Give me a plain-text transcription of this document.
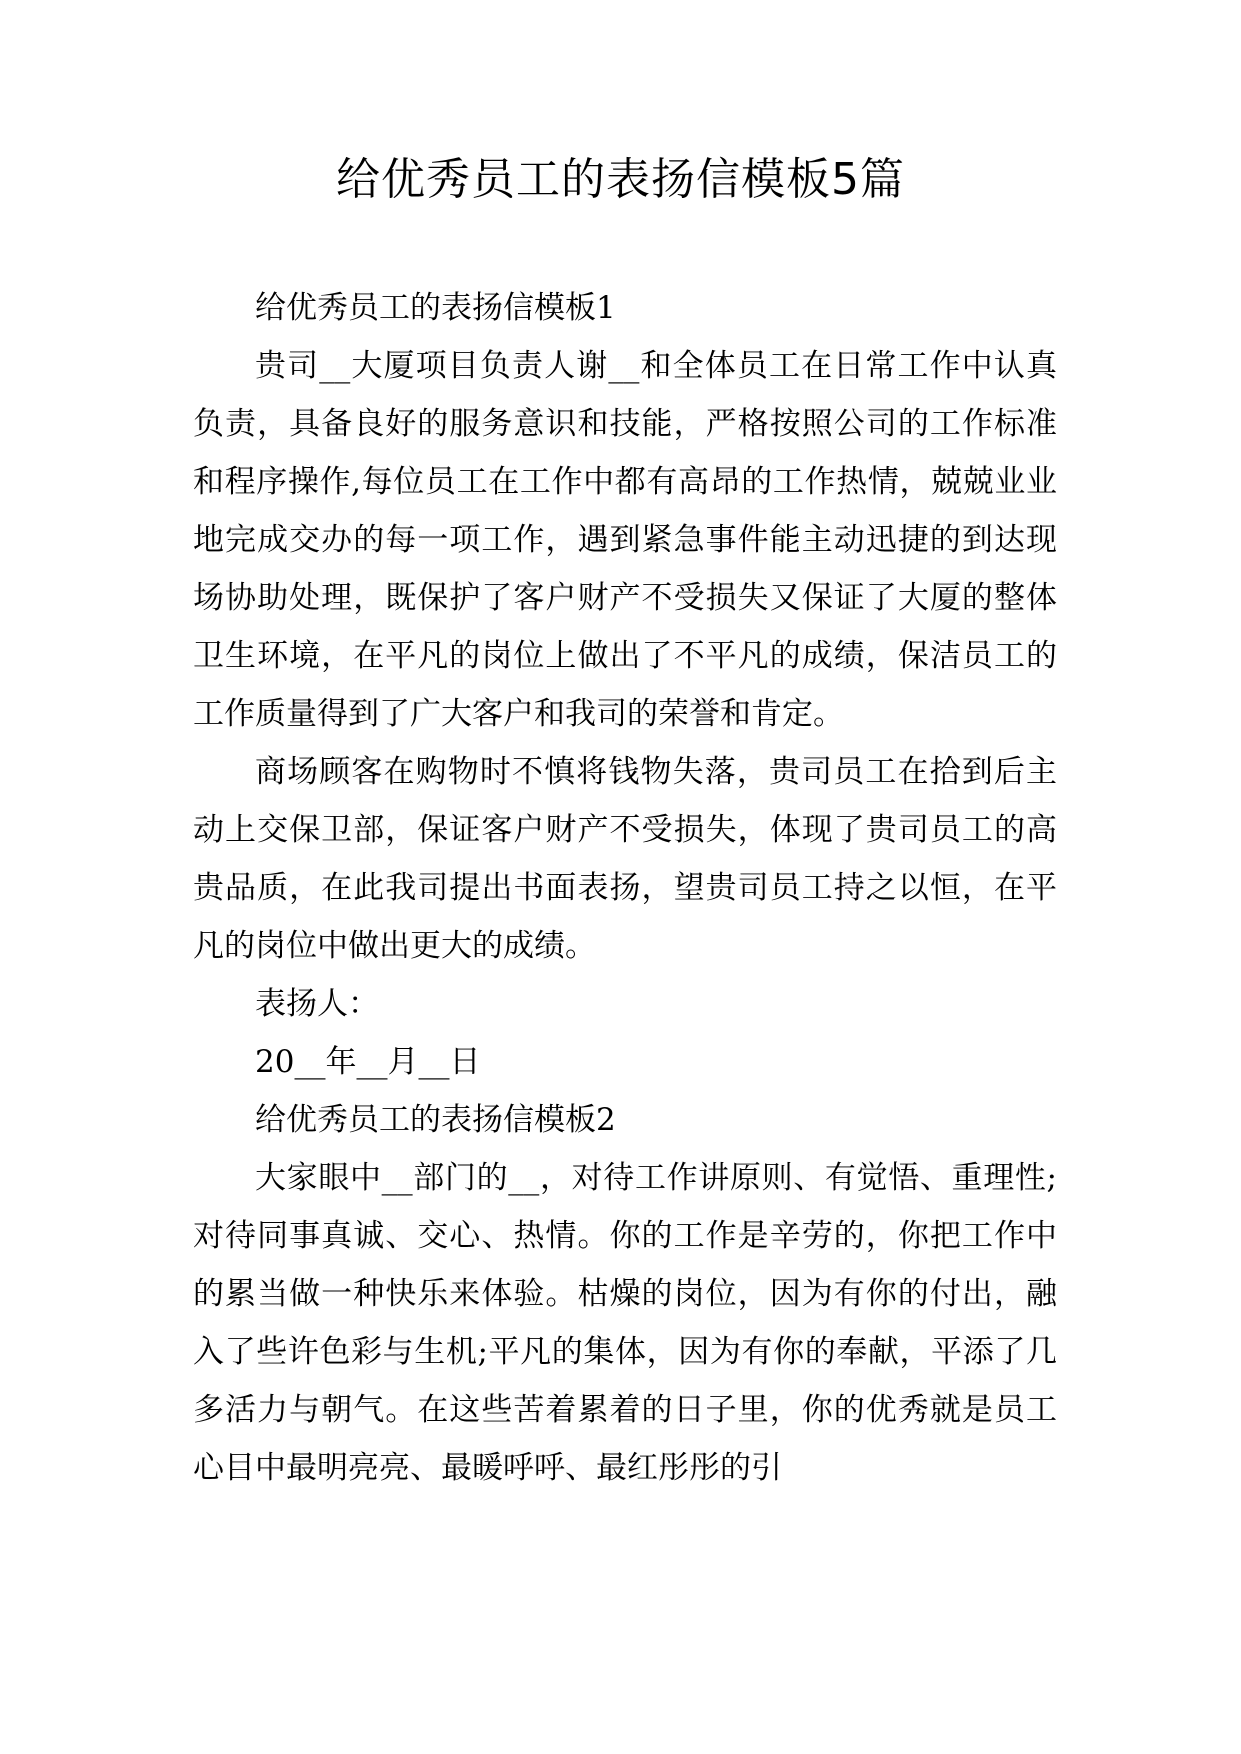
给优秀员工的表扬信模板5篇

给优秀员工的表扬信模板1

贵司__大厦项目负责人谢__和全体员工在日常工作中认真负责，具备良好的服务意识和技能，严格按照公司的工作标准和程序操作,每位员工在工作中都有高昂的工作热情，兢兢业业地完成交办的每一项工作，遇到紧急事件能主动迅捷的到达现场协助处理，既保护了客户财产不受损失又保证了大厦的整体卫生环境，在平凡的岗位上做出了不平凡的成绩，保洁员工的工作质量得到了广大客户和我司的荣誉和肯定。

商场顾客在购物时不慎将钱物失落，贵司员工在拾到后主动上交保卫部，保证客户财产不受损失，体现了贵司员工的高贵品质，在此我司提出书面表扬，望贵司员工持之以恒，在平凡的岗位中做出更大的成绩。

表扬人：

20__年__月__日

给优秀员工的表扬信模板2

大家眼中__部门的__，对待工作讲原则、有觉悟、重理性;对待同事真诚、交心、热情。你的工作是辛劳的，你把工作中的累当做一种快乐来体验。枯燥的岗位，因为有你的付出，融入了些许色彩与生机;平凡的集体，因为有你的奉献，平添了几多活力与朝气。在这些苦着累着的日子里，你的优秀就是员工心目中最明亮亮、最暖呼呼、最红彤彤的引
